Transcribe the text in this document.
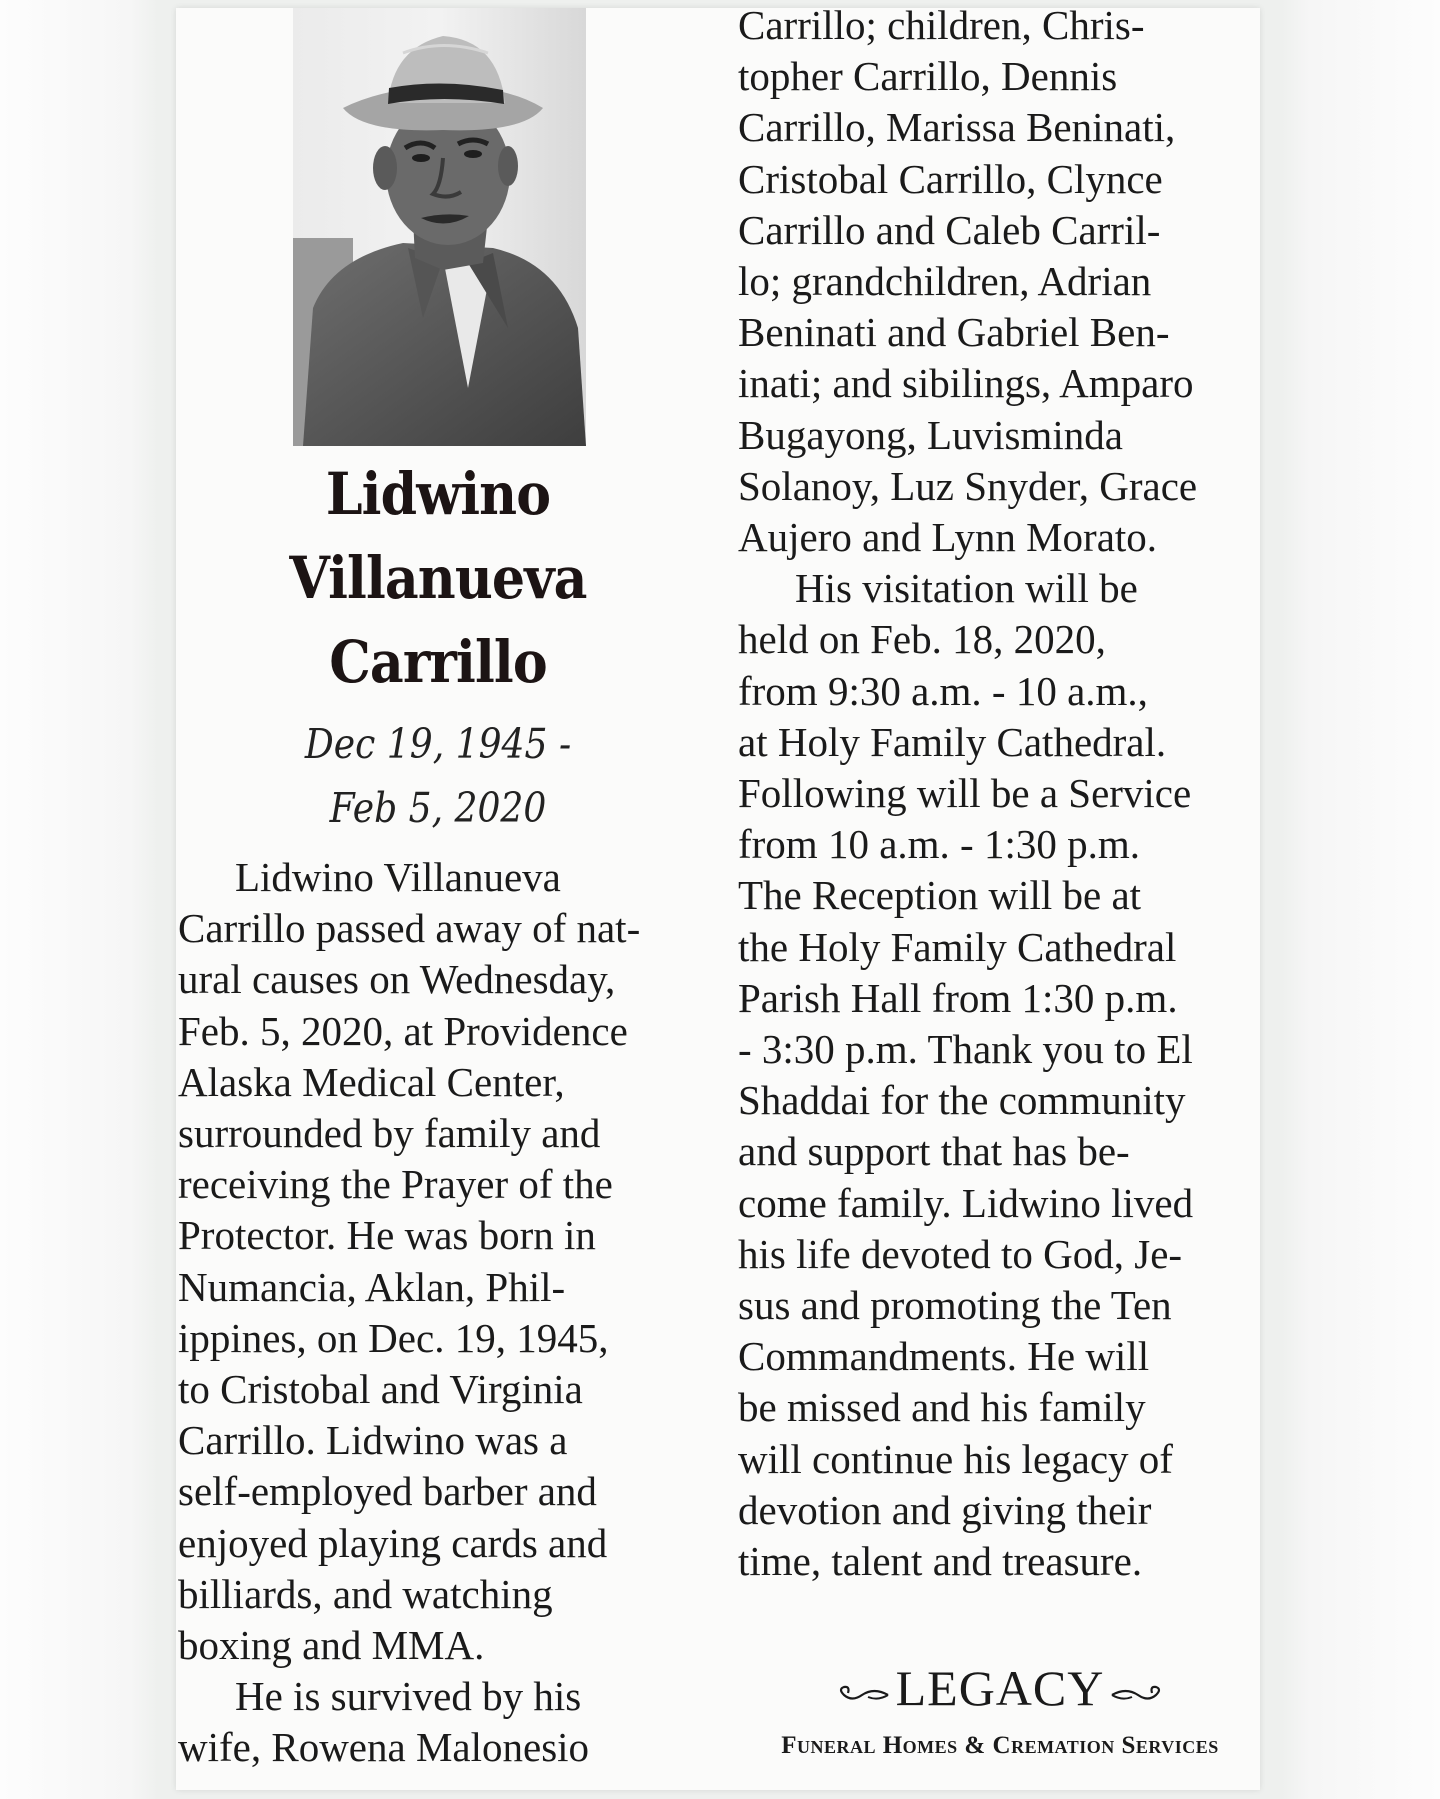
Lidwino
Villanueva
Carrillo
Dec 19, 1945 -
Feb 5, 2020
Lidwino Villanueva
Carrillo passed away of nat-
ural causes on Wednesday,
Feb. 5, 2020, at Providence
Alaska Medical Center,
surrounded by family and
receiving the Prayer of the
Protector. He was born in
Numancia, Aklan, Phil-
ippines, on Dec. 19, 1945,
to Cristobal and Virginia
Carrillo. Lidwino was a
self-employed barber and
enjoyed playing cards and
billiards, and watching
boxing and MMA.
He is survived by his
wife, Rowena Malonesio
Carrillo; children, Chris-
topher Carrillo, Dennis
Carrillo, Marissa Beninati,
Cristobal Carrillo, Clynce
Carrillo and Caleb Carril-
lo; grandchildren, Adrian
Beninati and Gabriel Ben-
inati; and sibilings, Amparo
Bugayong, Luvisminda
Solanoy, Luz Snyder, Grace
Aujero and Lynn Morato.
His visitation will be
held on Feb. 18, 2020,
from 9:30 a.m. - 10 a.m.,
at Holy Family Cathedral.
Following will be a Service
from 10 a.m. - 1:30 p.m.
The Reception will be at
the Holy Family Cathedral
Parish Hall from 1:30 p.m.
- 3:30 p.m. Thank you to El
Shaddai for the community
and support that has be-
come family. Lidwino lived
his life devoted to God, Je-
sus and promoting the Ten
Commandments. He will
be missed and his family
will continue his legacy of
devotion and giving their
time, talent and treasure.
LEGACY
Funeral Homes & Cremation Services
